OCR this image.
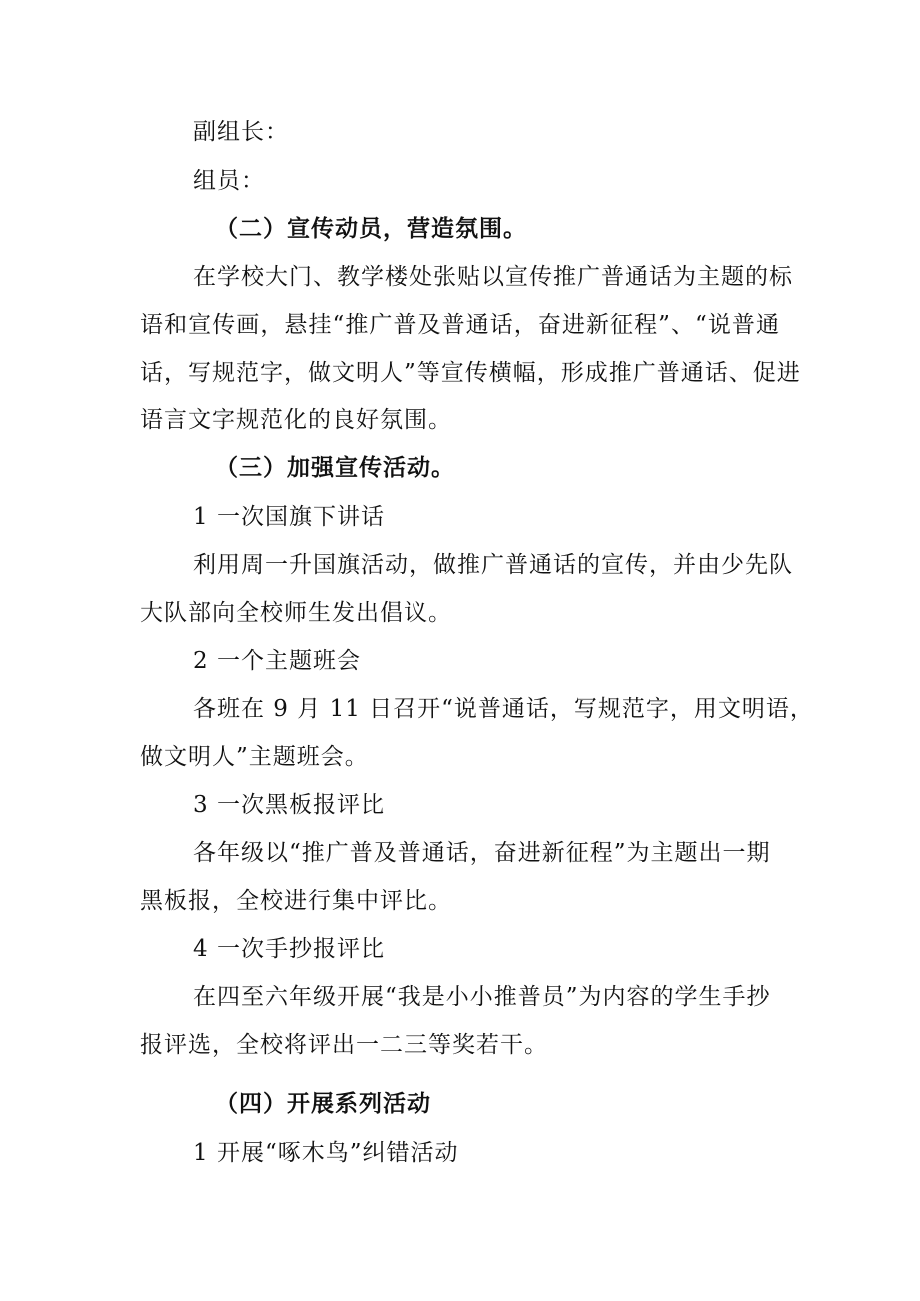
副组长：
组员：
（二）宣传动员，营造氛围。
在学校大门、教学楼处张贴以宣传推广普通话为主题的标
语和宣传画，悬挂“推广普及普通话，奋进新征程”、“说普通
话，写规范字，做文明人”等宣传横幅，形成推广普通话、促进
语言文字规范化的良好氛围。
（三）加强宣传活动。
1 一次国旗下讲话
利用周一升国旗活动，做推广普通话的宣传，并由少先队
大队部向全校师生发出倡议。
2 一个主题班会
各班在 9 月 11 日召开“说普通话，写规范字，用文明语，
做文明人”主题班会。
3 一次黑板报评比
各年级以“推广普及普通话，奋进新征程”为主题出一期
黑板报，全校进行集中评比。
4 一次手抄报评比
在四至六年级开展“我是小小推普员”为内容的学生手抄
报评选，全校将评出一二三等奖若干。
（四）开展系列活动
1 开展“啄木鸟”纠错活动
